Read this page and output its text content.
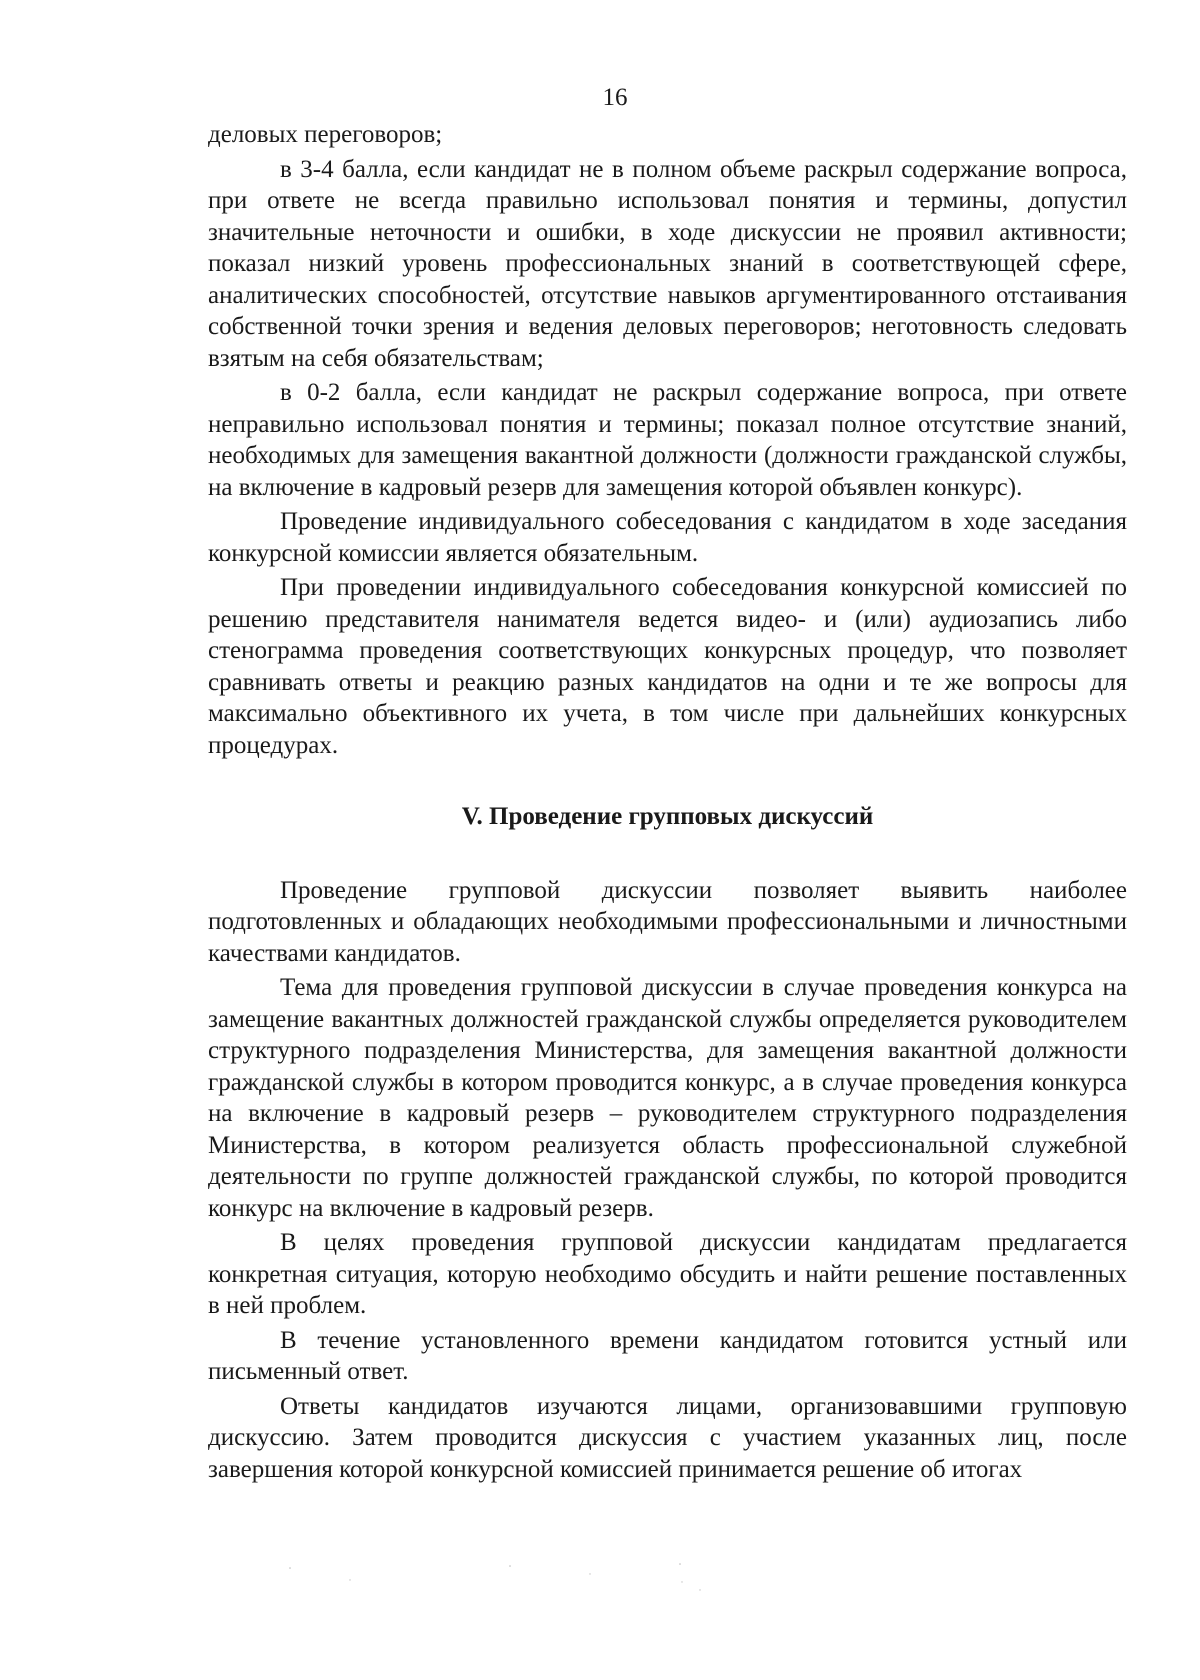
16

деловых переговоров;

в 3-4 балла, если кандидат не в полном объеме раскрыл содержание вопроса, при ответе не всегда правильно использовал понятия и термины, допустил значительные неточности и ошибки, в ходе дискуссии не проявил активности; показал низкий уровень профессиональных знаний в соответствующей сфере, аналитических способностей, отсутствие навыков аргументированного отстаивания собственной точки зрения и ведения деловых переговоров; неготовность следовать взятым на себя обязательствам;

в 0-2 балла, если кандидат не раскрыл содержание вопроса, при ответе неправильно использовал понятия и термины; показал полное отсутствие знаний, необходимых для замещения вакантной должности (должности гражданской службы, на включение в кадровый резерв для замещения которой объявлен конкурс).

Проведение индивидуального собеседования с кандидатом в ходе заседания конкурсной комиссии является обязательным.

При проведении индивидуального собеседования конкурсной комиссией по решению представителя нанимателя ведется видео- и (или) аудиозапись либо стенограмма проведения соответствующих конкурсных процедур, что позволяет сравнивать ответы и реакцию разных кандидатов на одни и те же вопросы для максимально объективного их учета, в том числе при дальнейших конкурсных процедурах.

V. Проведение групповых дискуссий

Проведение групповой дискуссии позволяет выявить наиболее подготовленных и обладающих необходимыми профессиональными и личностными качествами кандидатов.

Тема для проведения групповой дискуссии в случае проведения конкурса на замещение вакантных должностей гражданской службы определяется руководителем структурного подразделения Министерства, для замещения вакантной должности гражданской службы в котором проводится конкурс, а в случае проведения конкурса на включение в кадровый резерв – руководителем структурного подразделения Министерства, в котором реализуется область профессиональной служебной деятельности по группе должностей гражданской службы, по которой проводится конкурс на включение в кадровый резерв.

В целях проведения групповой дискуссии кандидатам предлагается конкретная ситуация, которую необходимо обсудить и найти решение поставленных в ней проблем.

В течение установленного времени кандидатом готовится устный или письменный ответ.

Ответы кандидатов изучаются лицами, организовавшими групповую дискуссию. Затем проводится дискуссия с участием указанных лиц, после завершения которой конкурсной комиссией принимается решение об итогах
